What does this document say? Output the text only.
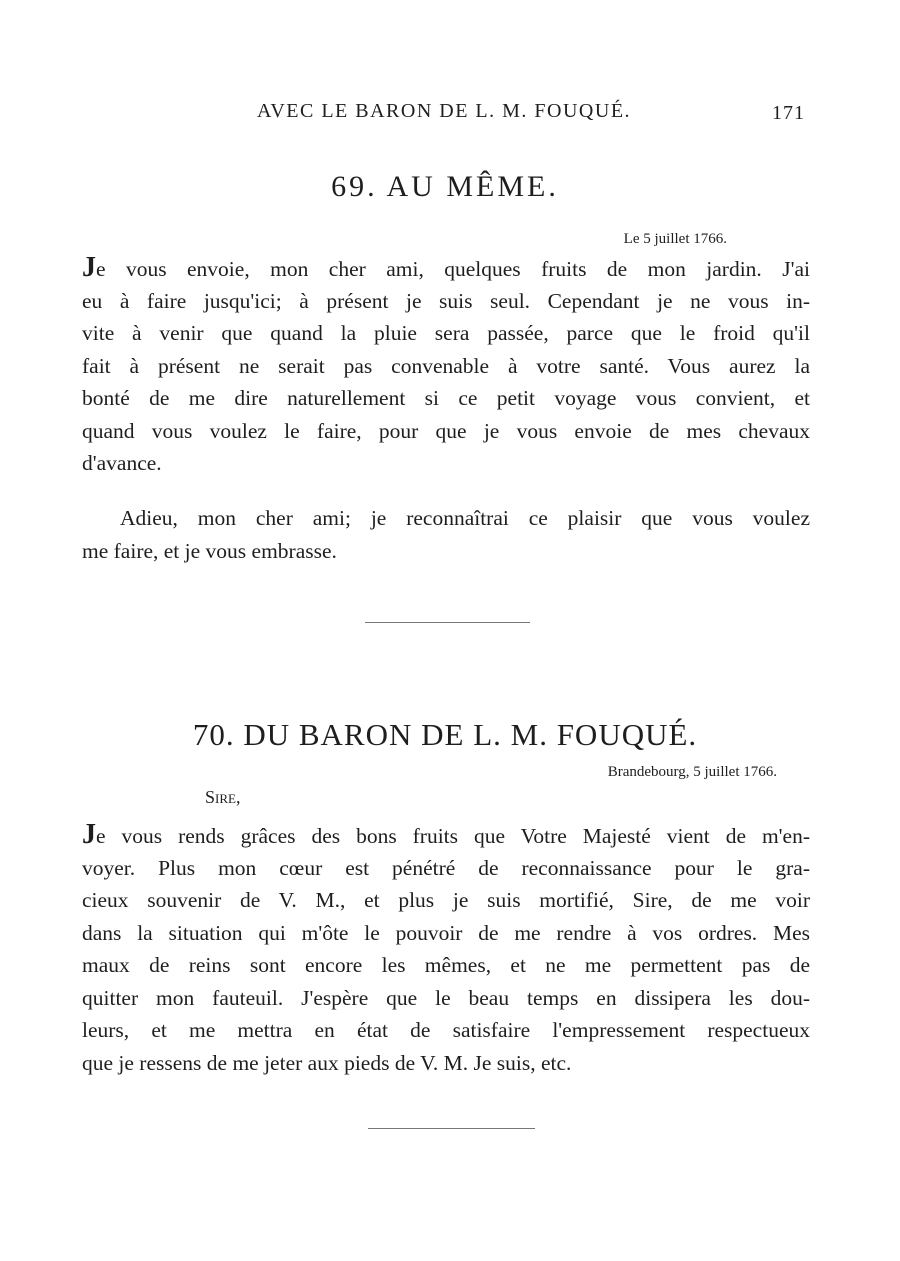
AVEC LE BARON DE L. M. FOUQUÉ.	171
69. AU MÊME.
Le 5 juillet 1766.
Je vous envoie, mon cher ami, quelques fruits de mon jardin. J'ai
eu à faire jusqu'ici; à présent je suis seul. Cependant je ne vous in-
vite à venir que quand la pluie sera passée, parce que le froid qu'il
fait à présent ne serait pas convenable à votre santé. Vous aurez la
bonté de me dire naturellement si ce petit voyage vous convient, et
quand vous voulez le faire, pour que je vous envoie de mes chevaux
d'avance.
Adieu, mon cher ami; je reconnaîtrai ce plaisir que vous voulez
me faire, et je vous embrasse.
70. DU BARON DE L. M. FOUQUÉ.
Brandebourg, 5 juillet 1766.
Sire,
Je vous rends grâces des bons fruits que Votre Majesté vient de m'en-
voyer. Plus mon cœur est pénétré de reconnaissance pour le gra-
cieux souvenir de V. M., et plus je suis mortifié, Sire, de me voir
dans la situation qui m'ôte le pouvoir de me rendre à vos ordres. Mes
maux de reins sont encore les mêmes, et ne me permettent pas de
quitter mon fauteuil. J'espère que le beau temps en dissipera les dou-
leurs, et me mettra en état de satisfaire l'empressement respectueux
que je ressens de me jeter aux pieds de V. M. Je suis, etc.
